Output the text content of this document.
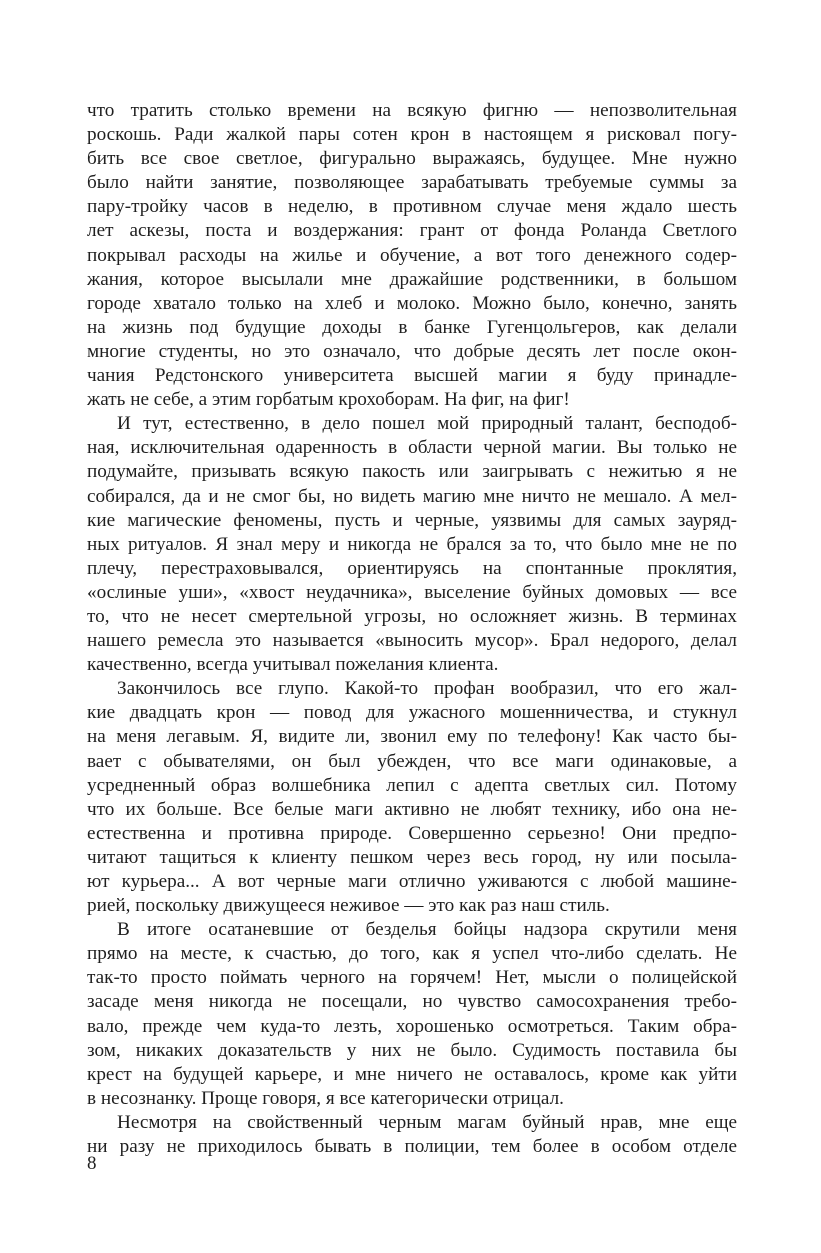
что тратить столько времени на всякую фигню — непозволительная
роскошь. Ради жалкой пары сотен крон в настоящем я рисковал погу-
бить все свое светлое, фигурально выражаясь, будущее. Мне нужно
было найти занятие, позволяющее зарабатывать требуемые суммы за
пару-тройку часов в неделю, в противном случае меня ждало шесть
лет аскезы, поста и воздержания: грант от фонда Роланда Светлого
покрывал расходы на жилье и обучение, а вот того денежного содер-
жания, которое высылали мне дражайшие родственники, в большом
городе хватало только на хлеб и молоко. Можно было, конечно, занять
на жизнь под будущие доходы в банке Гугенцольгеров, как делали
многие студенты, но это означало, что добрые десять лет после окон-
чания Редстонского университета высшей магии я буду принадле-
жать не себе, а этим горбатым крохоборам. На фиг, на фиг!
И тут, естественно, в дело пошел мой природный талант, бесподоб-
ная, исключительная одаренность в области черной магии. Вы только не
подумайте, призывать всякую пакость или заигрывать с нежитью я не
собирался, да и не смог бы, но видеть магию мне ничто не мешало. А мел-
кие магические феномены, пусть и черные, уязвимы для самых зауряд-
ных ритуалов. Я знал меру и никогда не брался за то, что было мне не по
плечу, перестраховывался, ориентируясь на спонтанные проклятия,
«ослиные уши», «хвост неудачника», выселение буйных домовых — все
то, что не несет смертельной угрозы, но осложняет жизнь. В терминах
нашего ремесла это называется «выносить мусор». Брал недорого, делал
качественно, всегда учитывал пожелания клиента.
Закончилось все глупо. Какой-то профан вообразил, что его жал-
кие двадцать крон — повод для ужасного мошенничества, и стукнул
на меня легавым. Я, видите ли, звонил ему по телефону! Как часто бы-
вает с обывателями, он был убежден, что все маги одинаковые, а
усредненный образ волшебника лепил с адепта светлых сил. Потому
что их больше. Все белые маги активно не любят технику, ибо она не-
естественна и противна природе. Совершенно серьезно! Они предпо-
читают тащиться к клиенту пешком через весь город, ну или посыла-
ют курьера... А вот черные маги отлично уживаются с любой машине-
рией, поскольку движущееся неживое — это как раз наш стиль.
В итоге осатаневшие от безделья бойцы надзора скрутили меня
прямо на месте, к счастью, до того, как я успел что-либо сделать. Не
так-то просто поймать черного на горячем! Нет, мысли о полицейской
засаде меня никогда не посещали, но чувство самосохранения требо-
вало, прежде чем куда-то лезть, хорошенько осмотреться. Таким обра-
зом, никаких доказательств у них не было. Судимость поставила бы
крест на будущей карьере, и мне ничего не оставалось, кроме как уйти
в несознанку. Проще говоря, я все категорически отрицал.
Несмотря на свойственный черным магам буйный нрав, мне еще
ни разу не приходилось бывать в полиции, тем более в особом отделе
8
